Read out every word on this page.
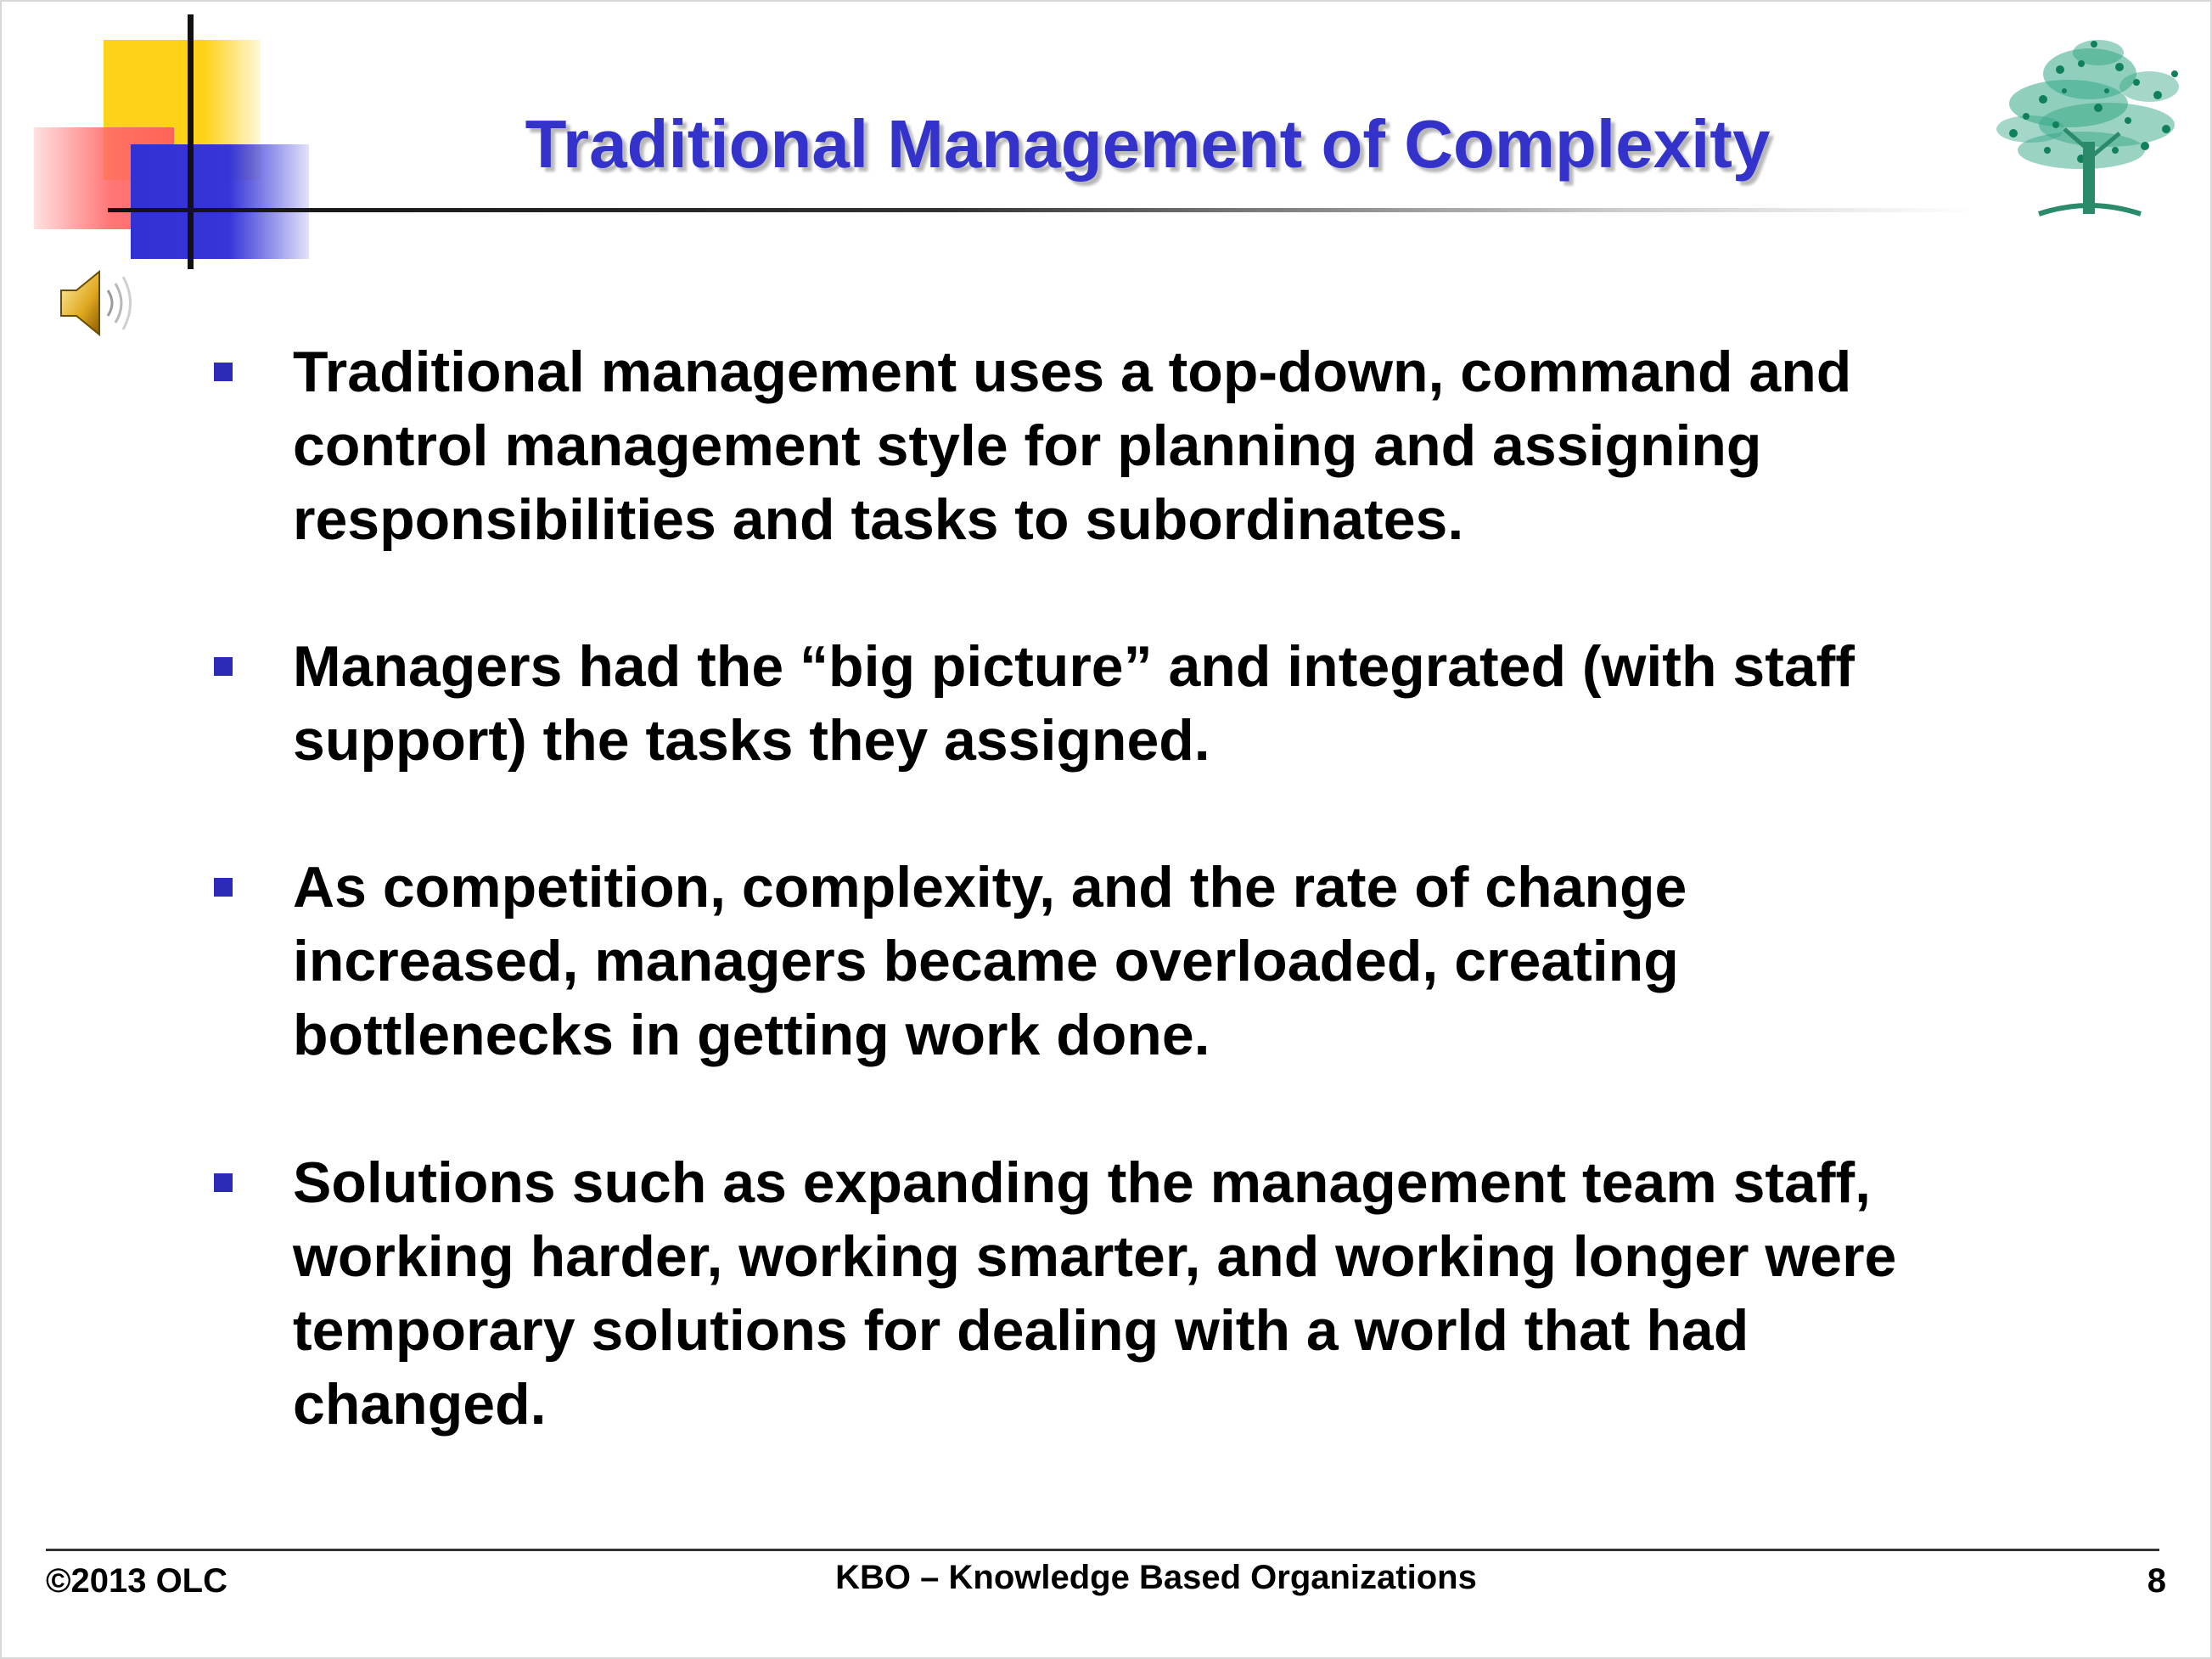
Traditional Management of Complexity
Traditional management uses a top-down, command and
control management style for planning and assigning
responsibilities and tasks to subordinates.
Managers had the “big picture” and integrated (with staff
support) the tasks they assigned.
As competition, complexity, and the rate of change
increased, managers became overloaded, creating
bottlenecks in getting work done.
Solutions such as expanding the management team staff,
working harder, working smarter, and working longer were
temporary solutions for dealing with a world that had
changed.
©2013 OLC	KBO – Knowledge Based Organizations	8
